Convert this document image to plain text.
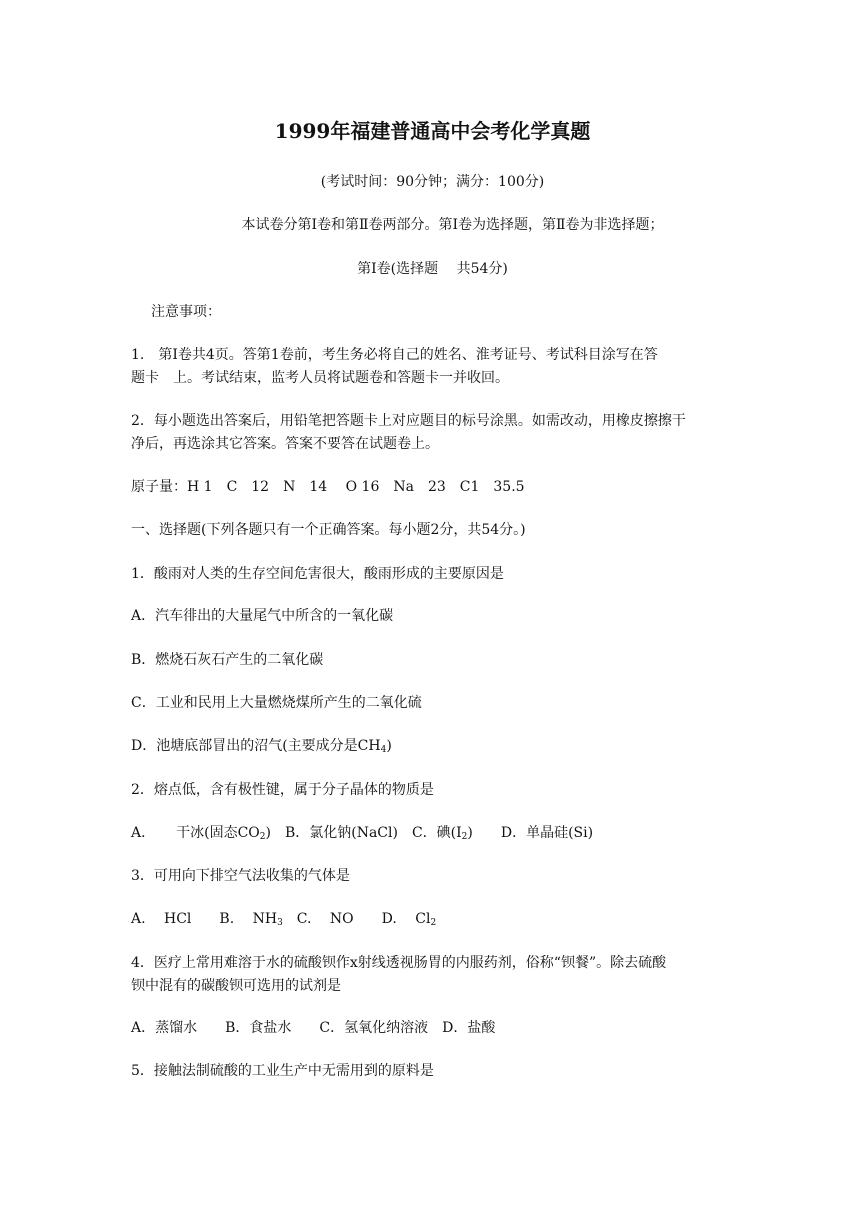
1999年福建普通高中会考化学真题
(考试时间：90分钟；满分：100分)
本试卷分第Ⅰ卷和第Ⅱ卷两部分。第Ⅰ卷为选择题，第Ⅱ卷为非选择题；
第Ⅰ卷(选择题　 共54分)
注意事项：
1.　第Ⅰ卷共4页。答第1卷前，考生务必将自己的姓名、淮考证号、考试科目涂写在答
题卡　上。考试结束，监考人员将试题卷和答题卡一并收回。
2．每小题选出答案后，用铅笔把答题卡上对应题目的标号涂黑。如需改动，用橡皮擦擦干
净后，再选涂其它答案。答案不要答在试题卷上。
原子量：H 1　C　12　N　14　 O 16　Na　23　C1　35.5
一、选择题(下列各题只有一个正确答案。每小题2分，共54分。)
1．酸雨对人类的生存空间危害很大，酸雨形成的主要原因是
A．汽车徘出的大量尾气中所含的一氧化碳
B．燃烧石灰石产生的二氧化碳
C．工业和民用上大量燃烧煤所产生的二氧化硫
D．池塘底部冒出的沼气(主要成分是$CH_4$)
2．熔点低，含有极性键，属于分子晶体的物质是
A．　　干冰(固态$CO_2$)　B．氯化钠(NaCl)　C．碘$(I_2)$　　D．单晶硅(Si)
3．可用向下排空气法收集的气体是
A.　 HCl　　B.　 $NH_3$　C.　 NO　　D.　 $Cl_2$
4．医疗上常用难溶于水的硫酸钡作x射线透视肠胃的内服药剂，俗称“钡餐”。除去硫酸
钡中混有的碳酸钡可选用的试剂是
A．蒸馏水　　B．食盐水　　C．氢氧化纳溶液　D．盐酸
5．接触法制硫酸的工业生产中无需用到的原料是
